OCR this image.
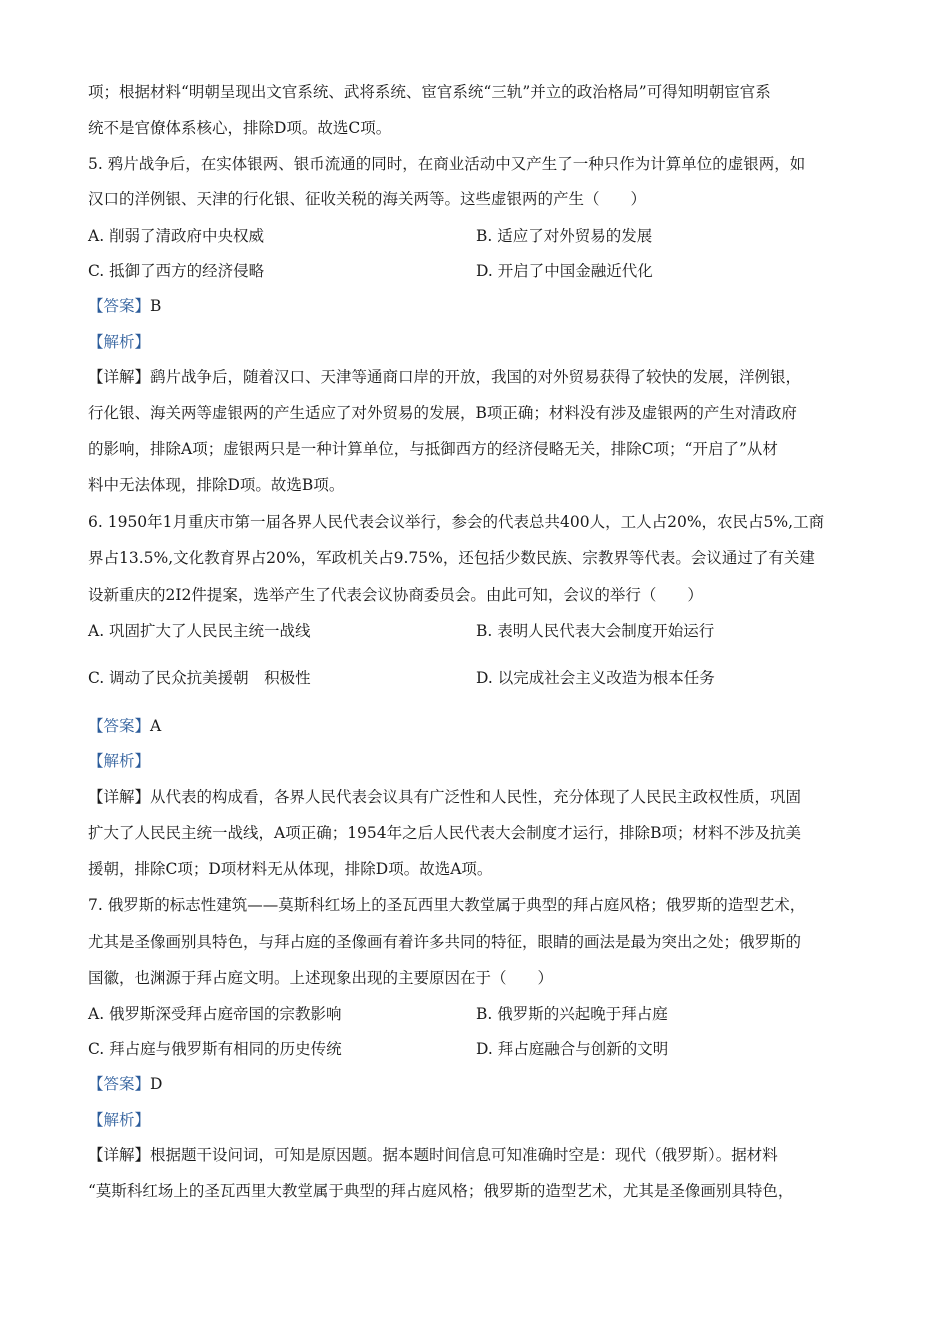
项；根据材料“明朝呈现出文官系统、武将系统、宦官系统“三轨”并立的政治格局”可得知明朝宦官系
统不是官僚体系核心，排除D项。故选C项。
5. 鸦片战争后，在实体银两、银币流通的同时，在商业活动中又产生了一种只作为计算单位的虚银两，如
汉口的洋例银、天津的行化银、征收关税的海关两等。这些虚银两的产生（　　）
A. 削弱了清政府中央权威	B. 适应了对外贸易的发展
C. 抵御了西方的经济侵略	D. 开启了中国金融近代化
【答案】B
【解析】
【详解】鹞片战争后，随着汉口、天津等通商口岸的开放，我国的对外贸易获得了较快的发展，洋例银，
行化银、海关两等虚银两的产生适应了对外贸易的发展，B项正确；材料没有涉及虚银两的产生对清政府
的影响，排除A项；虚银两只是一种计算单位，与抵御西方的经济侵略无关，排除C项；“开启了”从材
料中无法体现，排除D项。故选B项。
6. 1950年1月重庆市第一届各界人民代表会议举行，参会的代表总共400人，工人占20%，农民占5%,工商
界占13.5%,文化教育界占20%，军政机关占9.75%，还包括少数民族、宗教界等代表。会议通过了有关建
设新重庆的2I2件提案，选举产生了代表会议协商委员会。由此可知，会议的举行（　　）
A. 巩固扩大了人民民主统一战线	B. 表明人民代表大会制度开始运行
C. 调动了民众抗美援朝　积极性	D. 以完成社会主义改造为根本任务
【答案】A
【解析】
【详解】从代表的构成看，各界人民代表会议具有广泛性和人民性，充分体现了人民民主政权性质，巩固
扩大了人民民主统一战线，A项正确；1954年之后人民代表大会制度才运行，排除B项；材料不涉及抗美
援朝，排除C项；D项材料无从体现，排除D项。故选A项。
7. 俄罗斯的标志性建筑——莫斯科红场上的圣瓦西里大教堂属于典型的拜占庭风格；俄罗斯的造型艺术，
尤其是圣像画别具特色，与拜占庭的圣像画有着许多共同的特征，眼睛的画法是最为突出之处；俄罗斯的
国徽，也渊源于拜占庭文明。上述现象出现的主要原因在于（　　）
A. 俄罗斯深受拜占庭帝国的宗教影响	B. 俄罗斯的兴起晚于拜占庭
C. 拜占庭与俄罗斯有相同的历史传统	D. 拜占庭融合与创新的文明
【答案】D
【解析】
【详解】根据题干设问词，可知是原因题。据本题时间信息可知准确时空是：现代（俄罗斯）。据材料
“莫斯科红场上的圣瓦西里大教堂属于典型的拜占庭风格；俄罗斯的造型艺术，尤其是圣像画别具特色，
